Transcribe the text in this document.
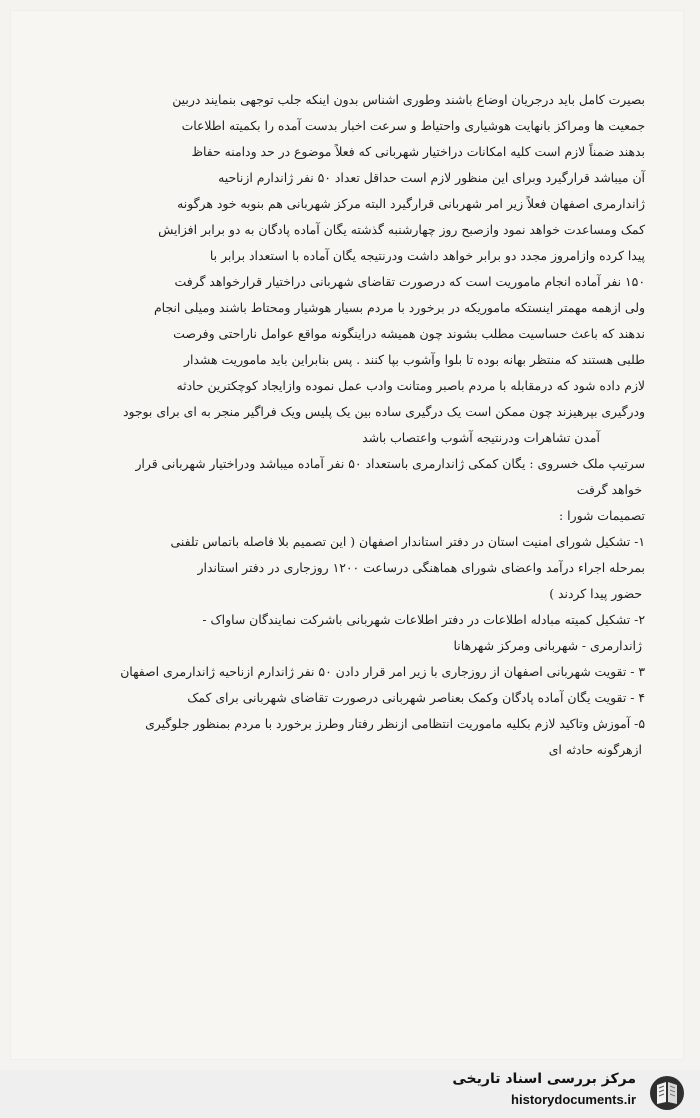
بصیرت کامل باید درجریان اوضاع باشند وطوری اشناس بدون اینکه جلب توجهی بنمایند دربین
جمعیت ها ومراکز بانهایت هوشیاری واحتیاط و سرعت اخبار بدست آمده را بکمیته اطلاعات
بدهند ضمناً لازم است کلیه امکانات دراختیار شهربانی که فعلاً موضوع در حد ودامنه حفاظ
آن میباشد قرارگیرد وبرای این منظور لازم است حداقل تعداد ۵۰ نفر ژاندارم ازناحیه
ژاندارمری اصفهان فعلاً زیر امر شهربانی قرارگیرد البته مرکز شهربانی هم بنوبه خود هرگونه
کمک ومساعدت خواهد نمود وازصبح روز چهارشنبه گذشته یگان آماده پادگان به دو برابر افزایش
پیدا کرده وازامروز مجدد دو برابر خواهد داشت ودرنتیجه یگان آماده با استعداد برابر با
۱۵۰ نفر آماده انجام ماموریت است که درصورت تقاضای شهربانی دراختیار قرارخواهد گرفت
ولی ازهمه مهمتر اینستکه ماموریکه در برخورد با مردم بسیار هوشیار ومحتاط باشند ومیلی انجام
ندهند که باعث حساسیت مطلب بشوند چون همیشه دراینگونه مواقع عوامل ناراحتی وفرصت
طلبی هستند که منتظر بهانه بوده تا بلوا وآشوب بپا کنند . پس بنابراین باید ماموریت هشدار
لازم داده شود که درمقابله با مردم باصبر ومتانت وادب عمل نموده وازایجاد کوچکترین حادثه
ودرگیری بپرهیزند چون ممکن است یک درگیری ساده بین یک پلیس ویک فراگیر منجر به ای برای بوجود
آمدن تشاهرات ودرنتیجه آشوب واعتصاب باشد
سرتیپ ملک خسروی : یگان کمکی ژاندارمری باستعداد ۵۰ نفر آماده میباشد ودراختیار شهربانی قرار
خواهد گرفت
تصمیمات شورا :
۱- تشکیل شورای امنیت استان در دفتر استاندار اصفهان ( این تصمیم بلا فاصله باتماس تلفنی
بمرحله اجراء درآمد واعضای شورای هماهنگی درساعت ۱۲۰۰ روزجاری در دفتر استاندار
حضور پیدا کردند )
۲- تشکیل کمیته مبادله اطلاعات در دفتر اطلاعات شهربانی باشرکت نمایندگان ساواک -
ژاندارمری - شهربانی ومرکز شهرهانا
۳ - تقویت شهربانی اصفهان از روزجاری با زیر امر قرار دادن ۵۰ نفر ژاندارم ازناحیه ژاندارمری اصفهان
۴ - تقویت یگان آماده پادگان وکمک بعناصر شهربانی درصورت تقاضای شهربانی برای کمک
۵- آموزش وتاکید لازم بکلیه ماموریت انتظامی ازنظر رفتار وطرز برخورد با مردم بمنظور جلوگیری
ازهرگونه حادثه ای
مرکز بررسی اسناد تاریخی
historydocuments.ir
